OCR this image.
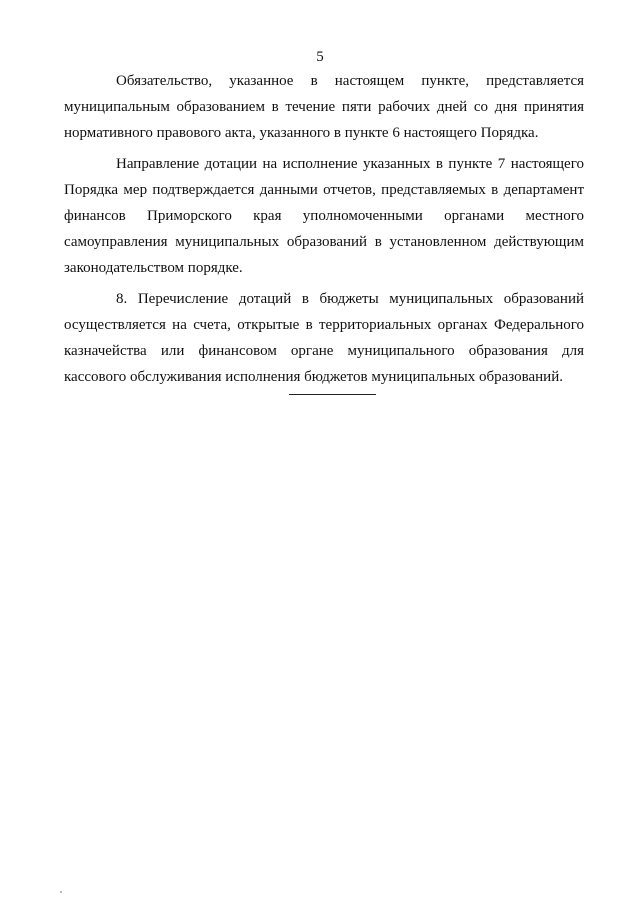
5

Обязательство, указанное в настоящем пункте, представляется муниципальным образованием в течение пяти рабочих дней со дня принятия нормативного правового акта, указанного в пункте 6 настоящего Порядка.

Направление дотации на исполнение указанных в пункте 7 настоящего Порядка мер подтверждается данными отчетов, представляемых в департамент финансов Приморского края уполномоченными органами местного самоуправления муниципальных образований в установленном действующим законодательством порядке.

8. Перечисление дотаций в бюджеты муниципальных образований осуществляется на счета, открытые в территориальных органах Федерального казначейства или финансовом органе муниципального образования для кассового обслуживания исполнения бюджетов муниципальных образований.
